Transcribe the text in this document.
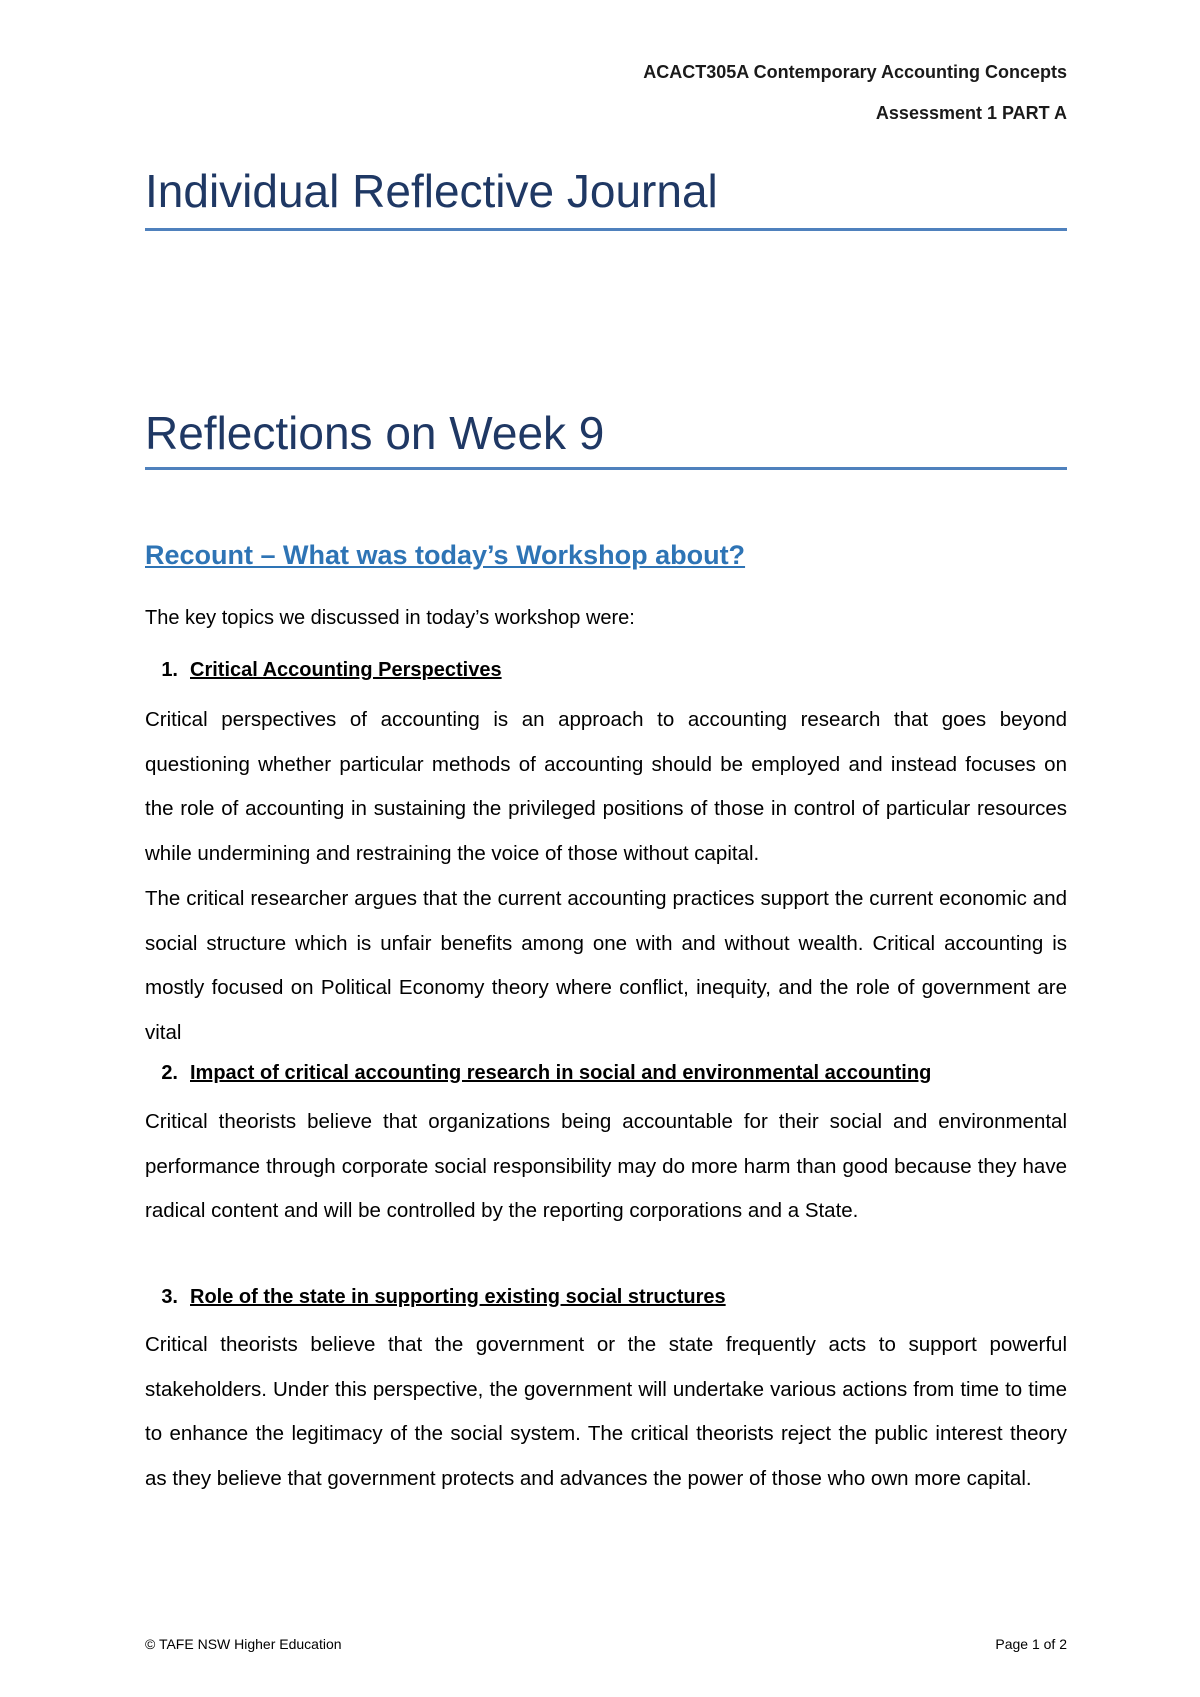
ACACT305A Contemporary Accounting Concepts
Assessment 1 PART A
Individual Reflective Journal
Reflections on Week 9
Recount – What was today’s Workshop about?
The key topics we discussed in today’s workshop were:
1. Critical Accounting Perspectives

Critical perspectives of accounting is an approach to accounting research that goes beyond questioning whether particular methods of accounting should be employed and instead focuses on the role of accounting in sustaining the privileged positions of those in control of particular resources while undermining and restraining the voice of those without capital.

The critical researcher argues that the current accounting practices support the current economic and social structure which is unfair benefits among one with and without wealth. Critical accounting is mostly focused on Political Economy theory where conflict, inequity, and the role of government are vital

2. Impact of critical accounting research in social and environmental accounting

Critical theorists believe that organizations being accountable for their social and environmental performance through corporate social responsibility may do more harm than good because they have radical content and will be controlled by the reporting corporations and a State.

3. Role of the state in supporting existing social structures

Critical theorists believe that the government or the state frequently acts to support powerful stakeholders. Under this perspective, the government will undertake various actions from time to time to enhance the legitimacy of the social system. The critical theorists reject the public interest theory as they believe that government protects and advances the power of those who own more capital.

© TAFE NSW Higher Education	Page 1 of 2
